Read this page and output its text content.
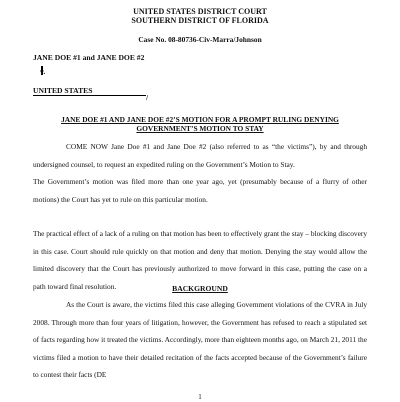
UNITED STATES DISTRICT COURT
SOUTHERN DISTRICT OF FLORIDA
Case No. 08-80736-Civ-Marra/Johnson
JANE DOE #1 and JANE DOE #2
v.
UNITED STATES
/
JANE DOE #1 AND JANE DOE #2’S MOTION FOR A PROMPT RULING DENYING
GOVERNMENT’S MOTION TO STAY

COME NOW Jane Doe #1 and Jane Doe #2 (also referred to as “the victims”), by and through undersigned counsel, to request an expedited ruling on the Government’s Motion to Stay.

The Government’s motion was filed more than one year ago, yet (presumably because of a flurry of other motions) the Court has yet to rule on this particular motion.

The practical effect of a lack of a ruling on that motion has been to effectively grant the stay – blocking discovery in this case. Court should rule quickly on that motion and deny that motion. Denying the stay would allow the limited discovery that the Court has previously authorized to move forward in this case, putting the case on a path toward final resolution.	BACKGROUND

As the Court is aware, the victims filed this case alleging Government violations of the CVRA in July 2008. Through more than four years of litigation, however, the Government has refused to reach a stipulated set of facts regarding how it treated the victims. Accordingly, more than eighteen months ago, on March 21, 2011 the victims filed a motion to have their detailed recitation of the facts accepted because of the Government’s failure to contest their facts (DE

1
